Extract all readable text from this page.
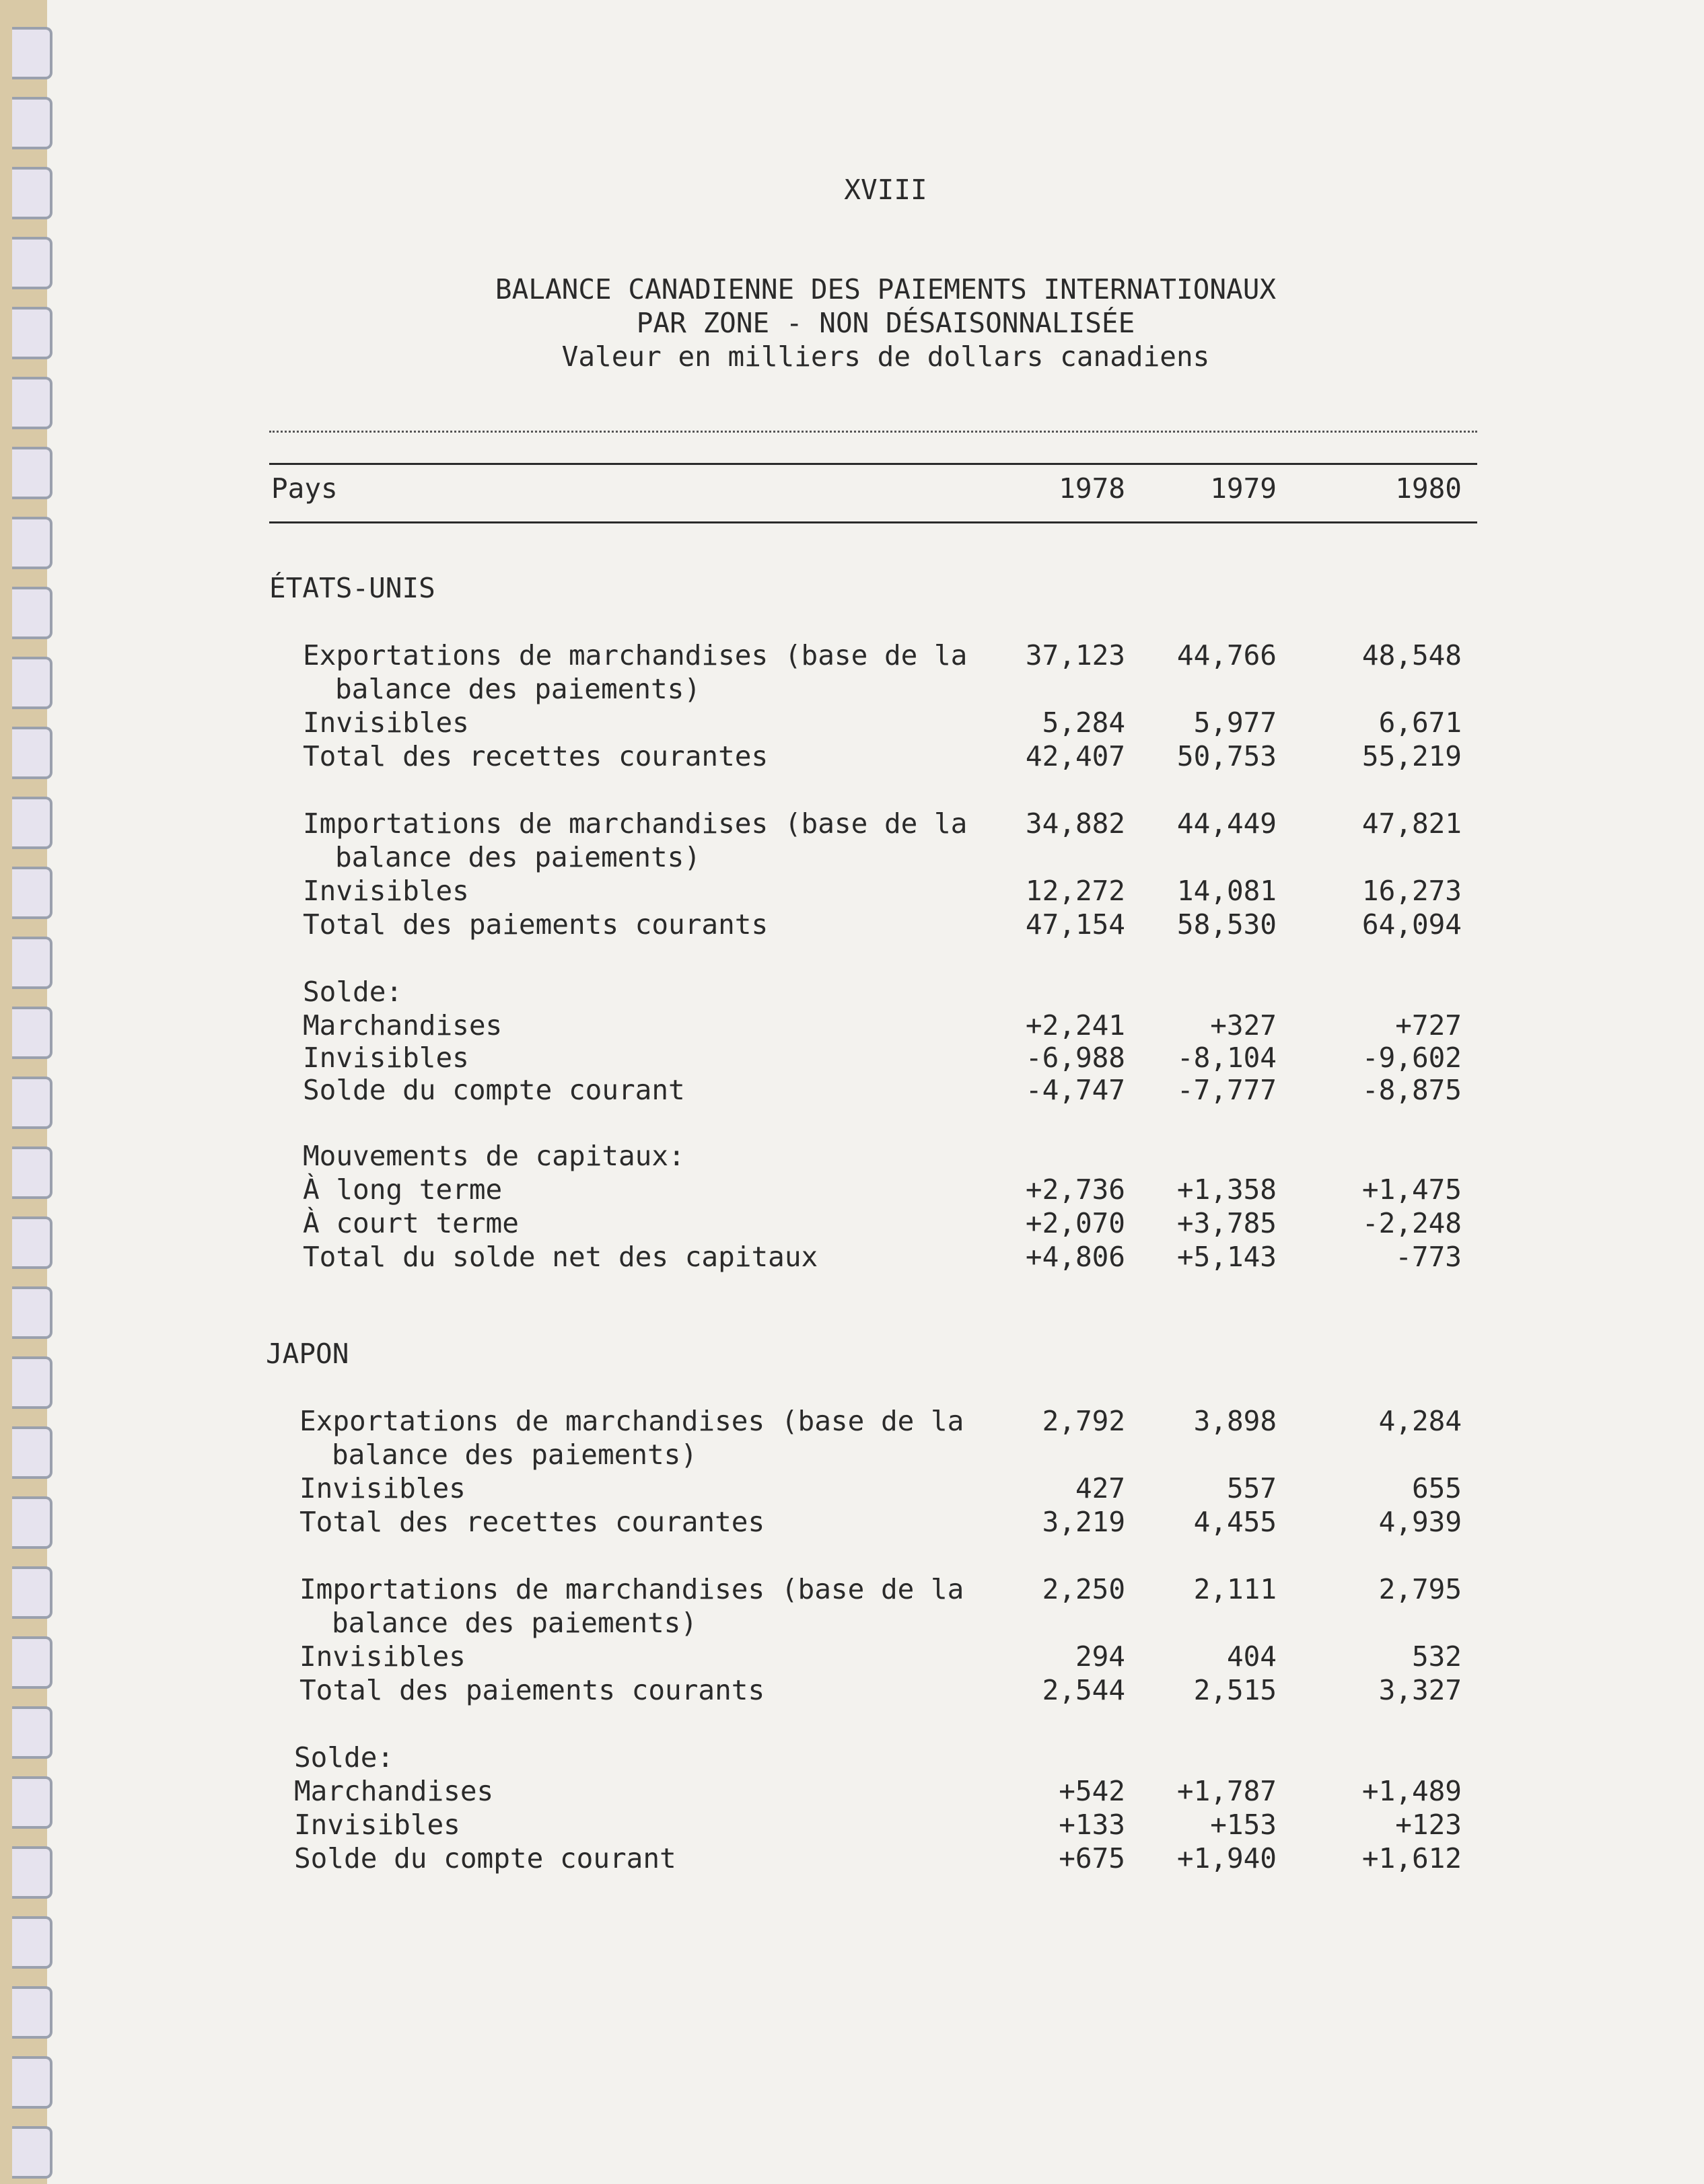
XVIII
BALANCE CANADIENNE DES PAIEMENTS INTERNATIONAUX
PAR ZONE - NON DÉSAISONNALISÉE
Valeur en milliers de dollars canadiens
Pays	1978	1979	1980
ÉTATS-UNIS
Exportations de marchandises (base de la	37,123	44,766	48,548
balance des paiements)
Invisibles	5,284	5,977	6,671
Total des recettes courantes	42,407	50,753	55,219
Importations de marchandises (base de la	34,882	44,449	47,821
balance des paiements)
Invisibles	12,272	14,081	16,273
Total des paiements courants	47,154	58,530	64,094
Solde:
Marchandises	+2,241	+327	+727
Invisibles	-6,988	-8,104	-9,602
Solde du compte courant	-4,747	-7,777	-8,875
Mouvements de capitaux:
À long terme	+2,736	+1,358	+1,475
À court terme	+2,070	+3,785	-2,248
Total du solde net des capitaux	+4,806	+5,143	-773
JAPON
Exportations de marchandises (base de la	2,792	3,898	4,284
balance des paiements)
Invisibles	427	557	655
Total des recettes courantes	3,219	4,455	4,939
Importations de marchandises (base de la	2,250	2,111	2,795
balance des paiements)
Invisibles	294	404	532
Total des paiements courants	2,544	2,515	3,327
Solde:
Marchandises	+542	+1,787	+1,489
Invisibles	+133	+153	+123
Solde du compte courant	+675	+1,940	+1,612
